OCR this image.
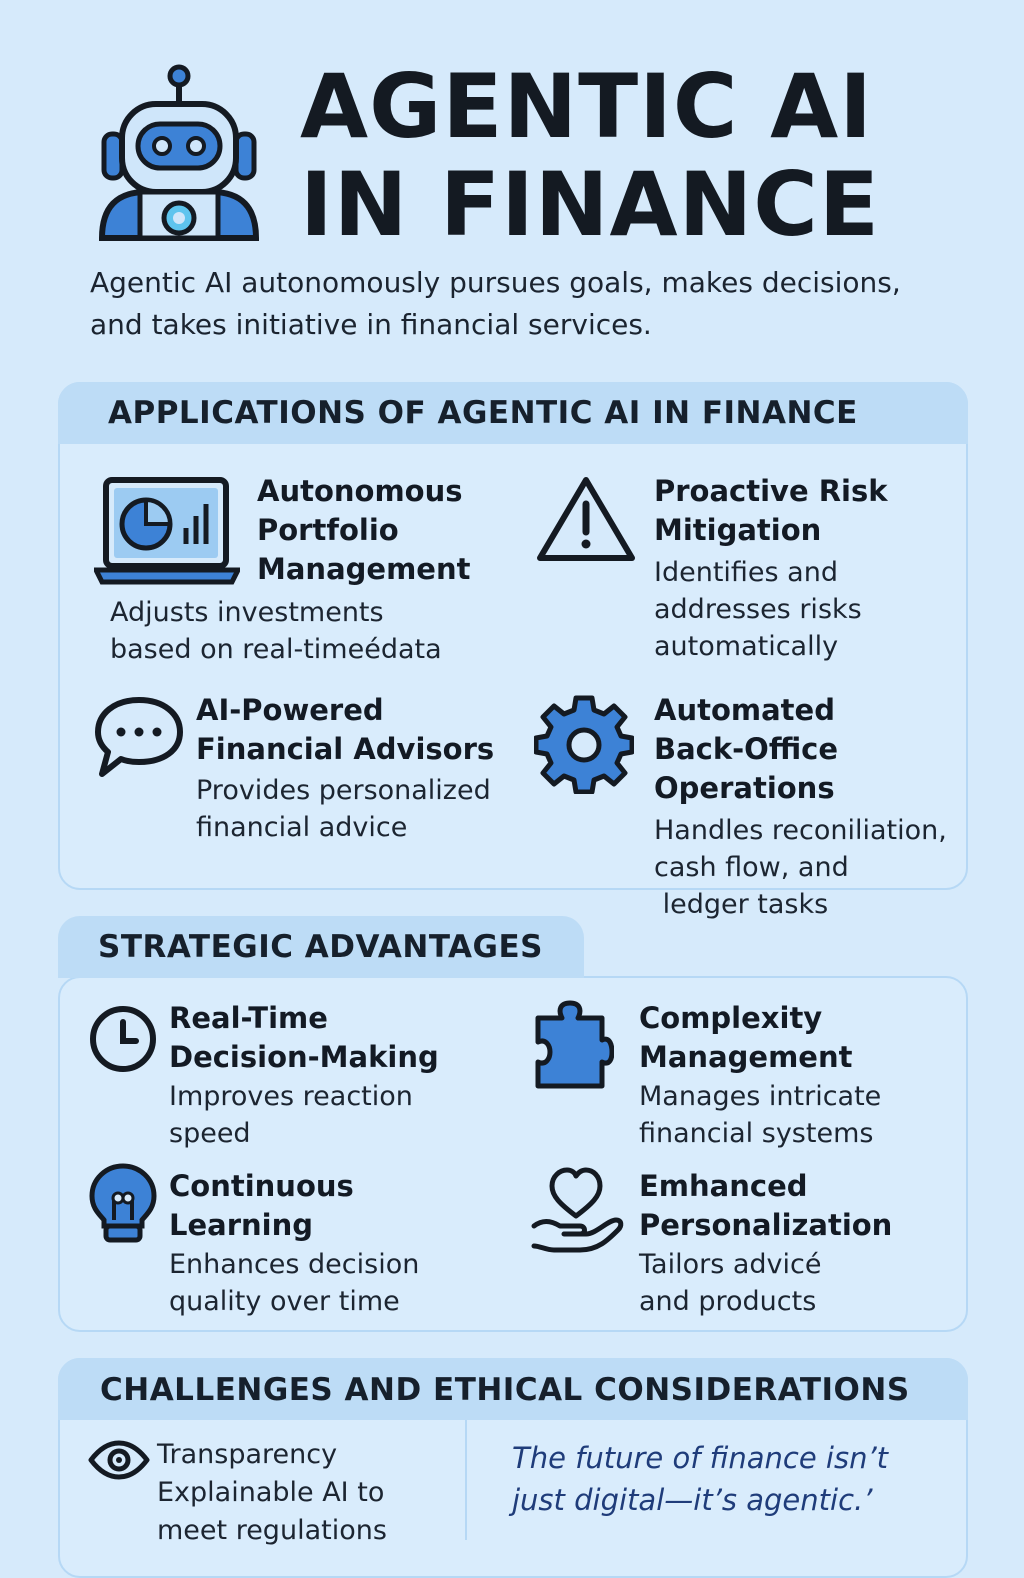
AGENTIC AI
IN FINANCE
Agentic AI autonomously pursues goals, makes decisions,
and takes initiative in financial services.
APPLICATIONS OF AGENTIC AI IN FINANCE
Autonomous
Portfolio
Management
Adjusts investments
based on real-timeédata
Proactive Risk
Mitigation
Identifies and
addresses risks
automatically
AI-Powered
Financial Advisors
Provides personalized
financial advice
Automated
Back-Office
Operations
Handles reconiliation,
cash flow, and
ledger tasks
STRATEGIC ADVANTAGES
Real-Time
Decision-Making
Improves reaction
speed
Complexity
Management
Manages intricate
financial systems
Continuous
Learning
Enhances decision
quality over time
Emhanced
Personalization
Tailors advicé
and products
CHALLENGES AND ETHICAL CONSIDERATIONS
Transparency
Explainable AI to
meet regulations
The future of finance isn’t
just digital—it’s agentic.’
